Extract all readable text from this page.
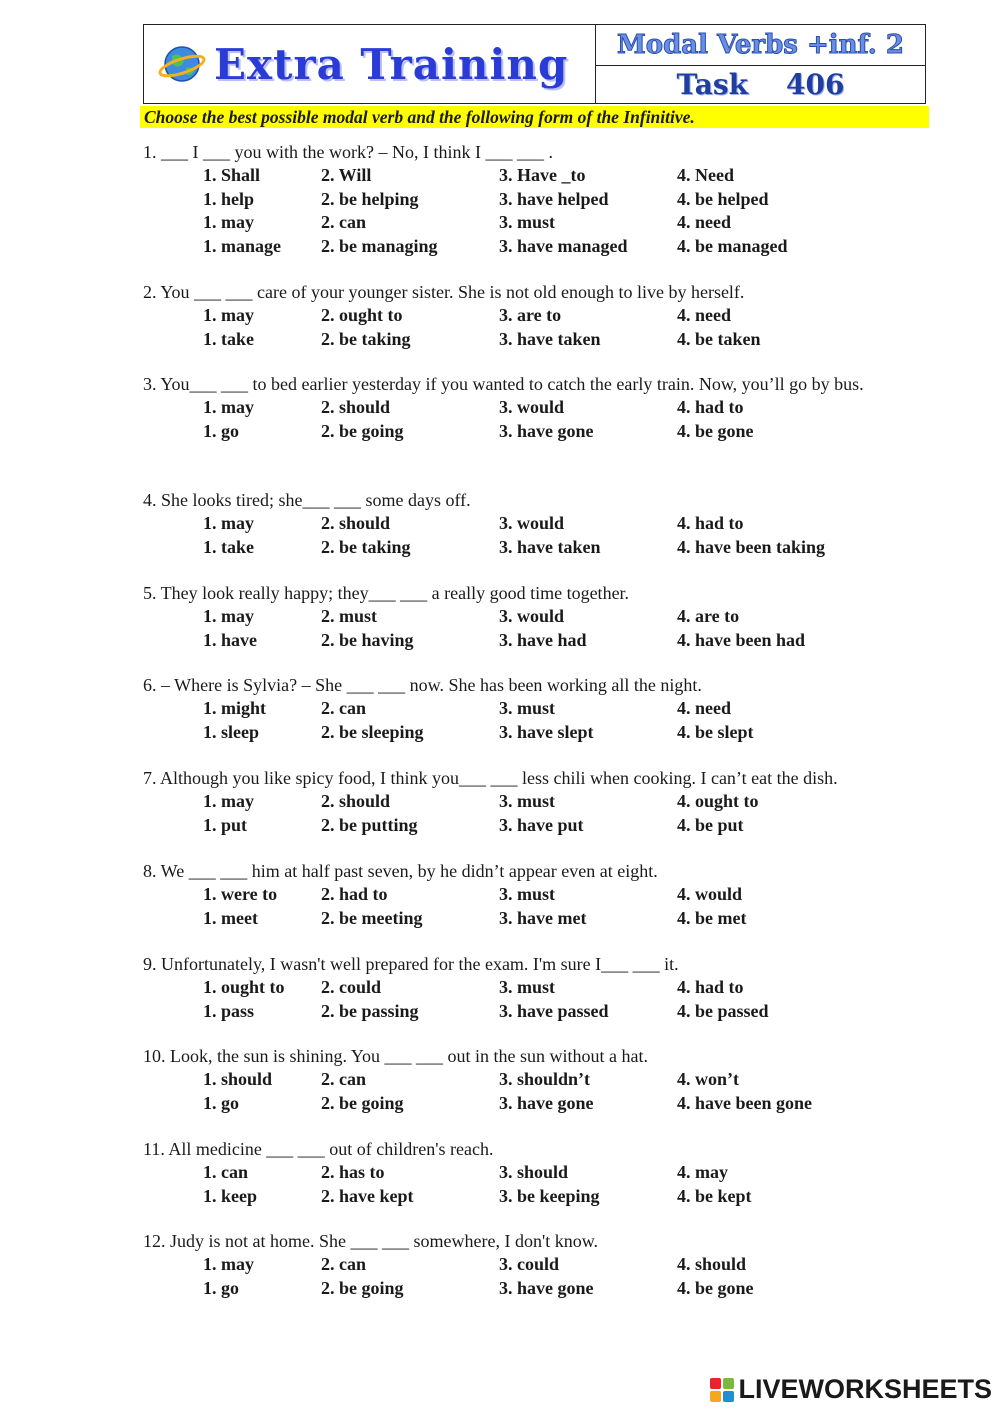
Extra Training	Modal Verbs +inf. 2
Task 406
Choose the best possible modal verb and the following form of the Infinitive.
1. ___ I ___ you with the work? – No, I think I ___ ___ .
1. Shall	2. Will	3. Have _to	4. Need
1. help	2. be helping	3. have helped	4. be helped
1. may	2. can	3. must	4. need
1. manage 2. be managing	3. have managed	4. be managed
2. You ___ ___ care of your younger sister. She is not old enough to live by herself.
1. may	2. ought to	3. are to	4. need
1. take	2. be taking	3. have taken	4. be taken
3. You___ ___ to bed earlier yesterday if you wanted to catch the early train. Now, you’ll go by bus.
1. may	2. should	3. would	4. had to
1. go	2. be going	3. have gone	4. be gone
4. She looks tired; she___ ___ some days off.
1. may	2. should	3. would	4. had to
1. take	2. be taking	3. have taken	4. have been taking
5. They look really happy; they___ ___ a really good time together.
1. may	2. must	3. would	4. are to
1. have	2. be having	3. have had	4. have been had
6. – Where is Sylvia? – She ___ ___ now. She has been working all the night.
1. might	2. can	3. must	4. need
1. sleep	2. be sleeping	3. have slept	4. be slept
7. Although you like spicy food, I think you___ ___ less chili when cooking. I can’t eat the dish.
1. may	2. should	3. must	4. ought to
1. put	2. be putting	3. have put	4. be put
8. We ___ ___ him at half past seven, by he didn’t appear even at eight.
1. were to 2. had to	3. must	4. would
1. meet	2. be meeting	3. have met	4. be met
9. Unfortunately, I wasn't well prepared for the exam. I'm sure I___ ___ it.
1. ought to 2. could	3. must	4. had to
1. pass	2. be passing	3. have passed	4. be passed
10. Look, the sun is shining. You ___ ___ out in the sun without a hat.
1. should	2. can	3. shouldn’t	4. won’t
1. go	2. be going	3. have gone	4. have been gone
11. All medicine ___ ___ out of children's reach.
1. can	2. has to	3. should	4. may
1. keep	2. have kept	3. be keeping	4. be kept
12. Judy is not at home. She ___ ___ somewhere, I don't know.
1. may	2. can	3. could	4. should
1. go	2. be going	3. have gone	4. be gone
LIVEWORKSHEETS
